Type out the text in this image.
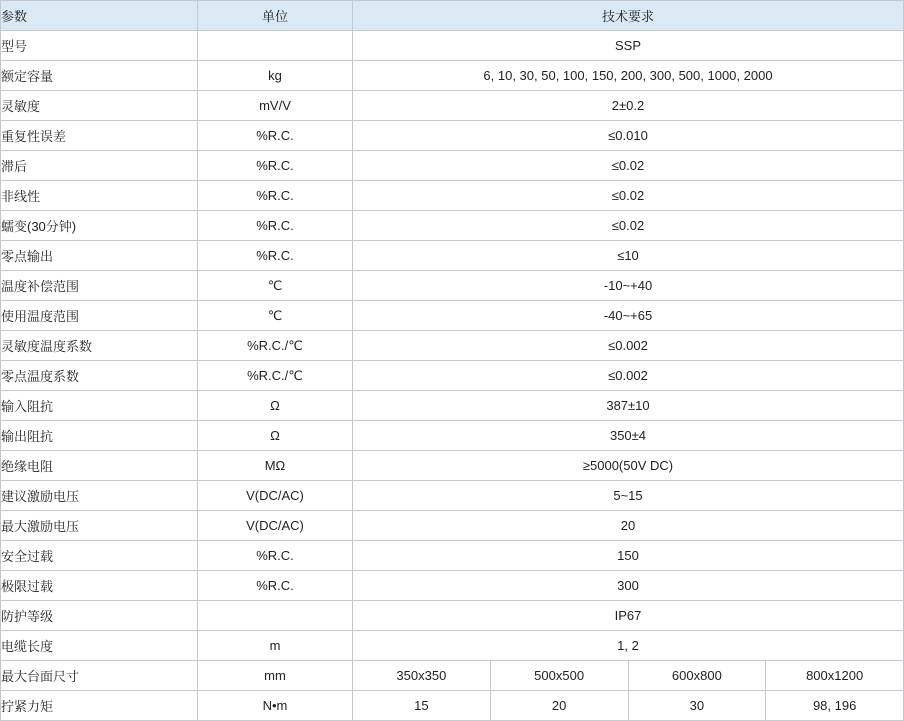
参数	单位	技术要求			
型号		SSP			
额定容量	kg	6, 10, 30, 50, 100, 150, 200, 300, 500, 1000, 2000			
灵敏度	mV/V	2±0.2			
重复性误差	%R.C.	≤0.010			
滞后	%R.C.	≤0.02			
非线性	%R.C.	≤0.02			
蠕变(30分钟)	%R.C.	≤0.02			
零点输出	%R.C.	≤10			
温度补偿范围	℃	-10~+40			
使用温度范围	℃	-40~+65			
灵敏度温度系数	%R.C./℃	≤0.002			
零点温度系数	%R.C./℃	≤0.002			
输入阻抗	Ω	387±10			
输出阻抗	Ω	350±4			
绝缘电阻	MΩ	≥5000(50V DC)			
建议激励电压	V(DC/AC)	5~15			
最大激励电压	V(DC/AC)	20			
安全过载	%R.C.	150			
极限过载	%R.C.	300			
防护等级		IP67			
电缆长度	m	1, 2			
最大台面尺寸	mm	350x350	500x500	600x800	800x1200
拧紧力矩	N•m	15	20	30	98, 196
